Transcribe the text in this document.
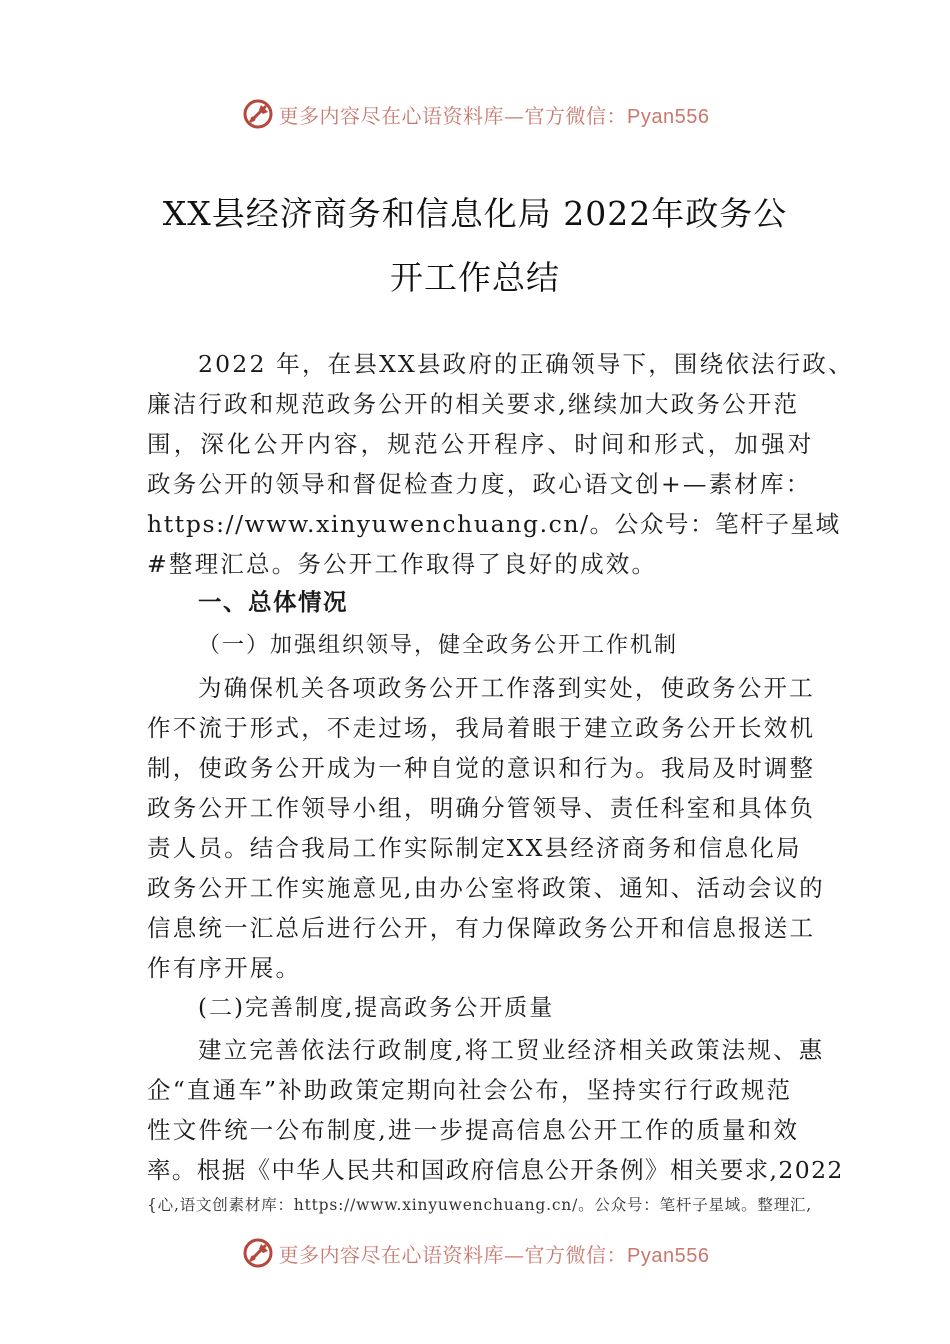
更多内容尽在心语资料库—官方微信：Pyan556
XX县经济商务和信息化局 2022年政务公
开工作总结
2022 年，在县XX县政府的正确领导下，围绕依法行政、
廉洁行政和规范政务公开的相关要求,继续加大政务公开范
围，深化公开内容，规范公开程序、时间和形式，加强对
政务公开的领导和督促检查力度，政心语文创+—素材库：
https://www.xinyuwenchuang.cn/。公众号：笔杆子星域
#整理汇总。务公开工作取得了良好的成效。
一、总体情况
（一）加强组织领导，健全政务公开工作机制
为确保机关各项政务公开工作落到实处，使政务公开工
作不流于形式，不走过场，我局着眼于建立政务公开长效机
制，使政务公开成为一种自觉的意识和行为。我局及时调整
政务公开工作领导小组，明确分管领导、责任科室和具体负
责人员。结合我局工作实际制定XX县经济商务和信息化局
政务公开工作实施意见,由办公室将政策、通知、活动会议的
信息统一汇总后进行公开，有力保障政务公开和信息报送工
作有序开展。
(二)完善制度,提高政务公开质量
建立完善依法行政制度,将工贸业经济相关政策法规、惠
企“直通车”补助政策定期向社会公布，坚持实行行政规范
性文件统一公布制度,进一步提高信息公开工作的质量和效
率。根据《中华人民共和国政府信息公开条例》相关要求,2022
{心,语文创素材库：https://www.xinyuwenchuang.cn/。公众号：笔杆子星域。整理汇,
更多内容尽在心语资料库—官方微信：Pyan556
